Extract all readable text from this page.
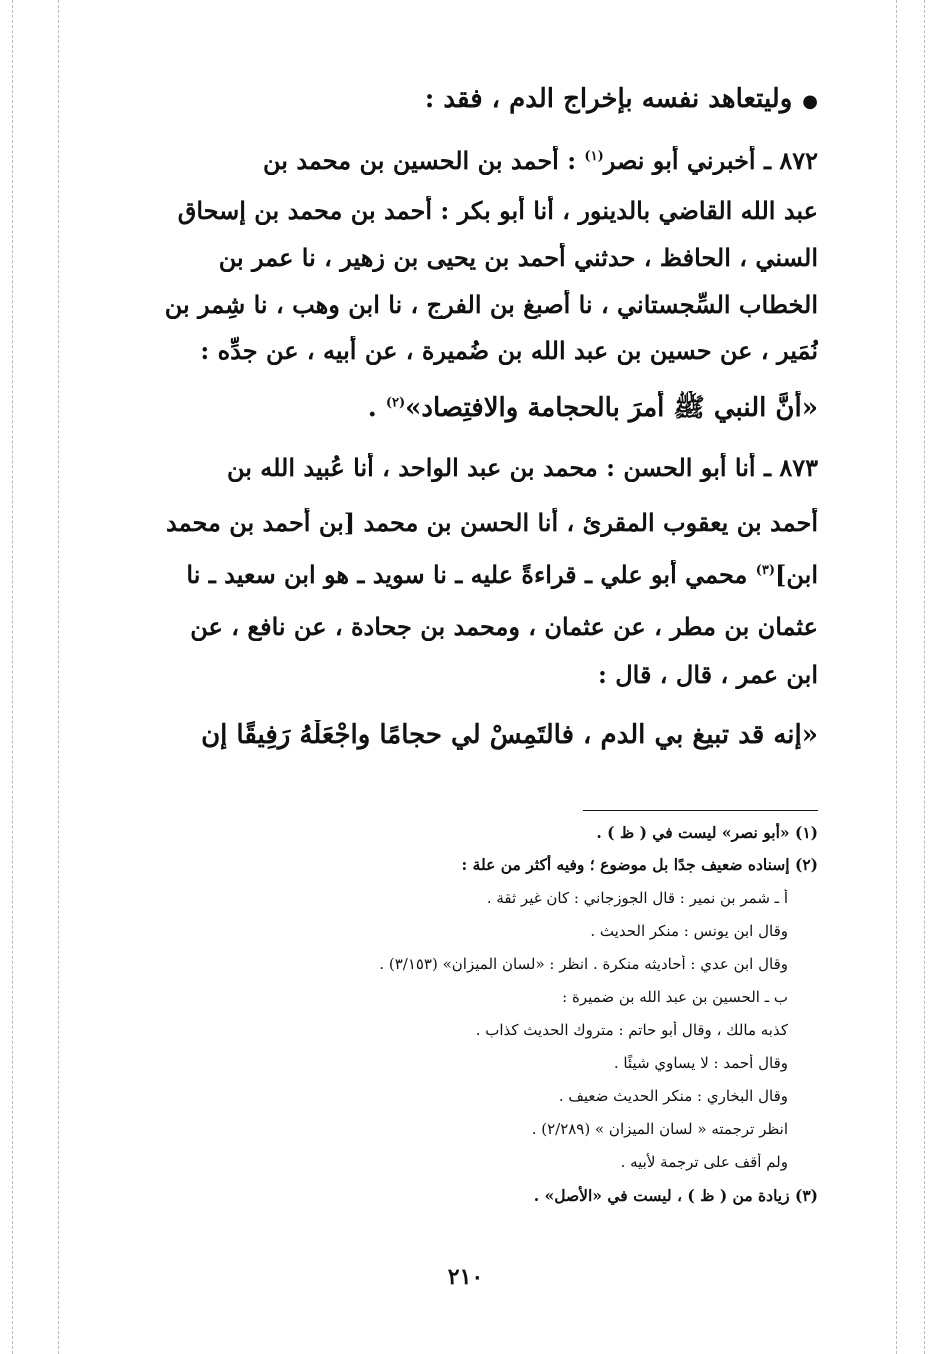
●وليتعاهد نفسه بإخراج الدم ، فقد :
٨٧٢ ـ أخبرني أبو نصر$^{(١)}$ : أحمد بن الحسين بن محمد بن
عبد الله القاضي بالدينور ، أنا أبو بكر : أحمد بن محمد بن إسحاق
السني ، الحافظ ، حدثني أحمد بن يحيى بن زهير ، نا عمر بن
الخطاب السِّجستاني ، نا أصبغ بن الفرج ، نا ابن وهب ، نا شِمر بن
نُمَير ، عن حسين بن عبد الله بن ضُميرة ، عن أبيه ، عن جدِّه :
«أنَّ النبي ﷺ أمرَ بالحجامة والافتِصاد»$^{(٢)}$ .
٨٧٣ ـ أنا أبو الحسن : محمد بن عبد الواحد ، أنا عُبيد الله بن
أحمد بن يعقوب المقرئ ، أنا الحسن بن محمد [بن أحمد بن محمد
ابن]$^{(٣)}$ محمي أبو علي ـ قراءةً عليه ـ نا سويد ـ هو ابن سعيد ـ نا
عثمان بن مطر ، عن عثمان ، ومحمد بن جحادة ، عن نافع ، عن
ابن عمر ، قال ، قال :
«إنه قد تبيغ بي الدم ، فالتَمِسْ لي حجامًا واجْعَلْهُ رَفِيقًا إن
(١) «أبو نصر» ليست في ( ظ ) .
(٢) إسناده ضعيف جدًا بل موضوع ؛ وفيه أكثر من علة :
أ ـ شمر بن نمير : قال الجوزجاني : كان غير ثقة .
وقال ابن يونس : منكر الحديث .
وقال ابن عدي : أحاديثه منكرة . انظر : «لسان الميزان» (٣/١٥٣) .
ب ـ الحسين بن عبد الله بن ضميرة :
كذبه مالك ، وقال أبو حاتم : متروك الحديث كذاب .
وقال أحمد : لا يساوي شيئًا .
وقال البخاري : منكر الحديث ضعيف .
انظر ترجمته « لسان الميزان » (٢/٢٨٩) .
ولم أقف على ترجمة لأبيه .
(٣) زيادة من ( ظ ) ، ليست في «الأصل» .
٢١٠
